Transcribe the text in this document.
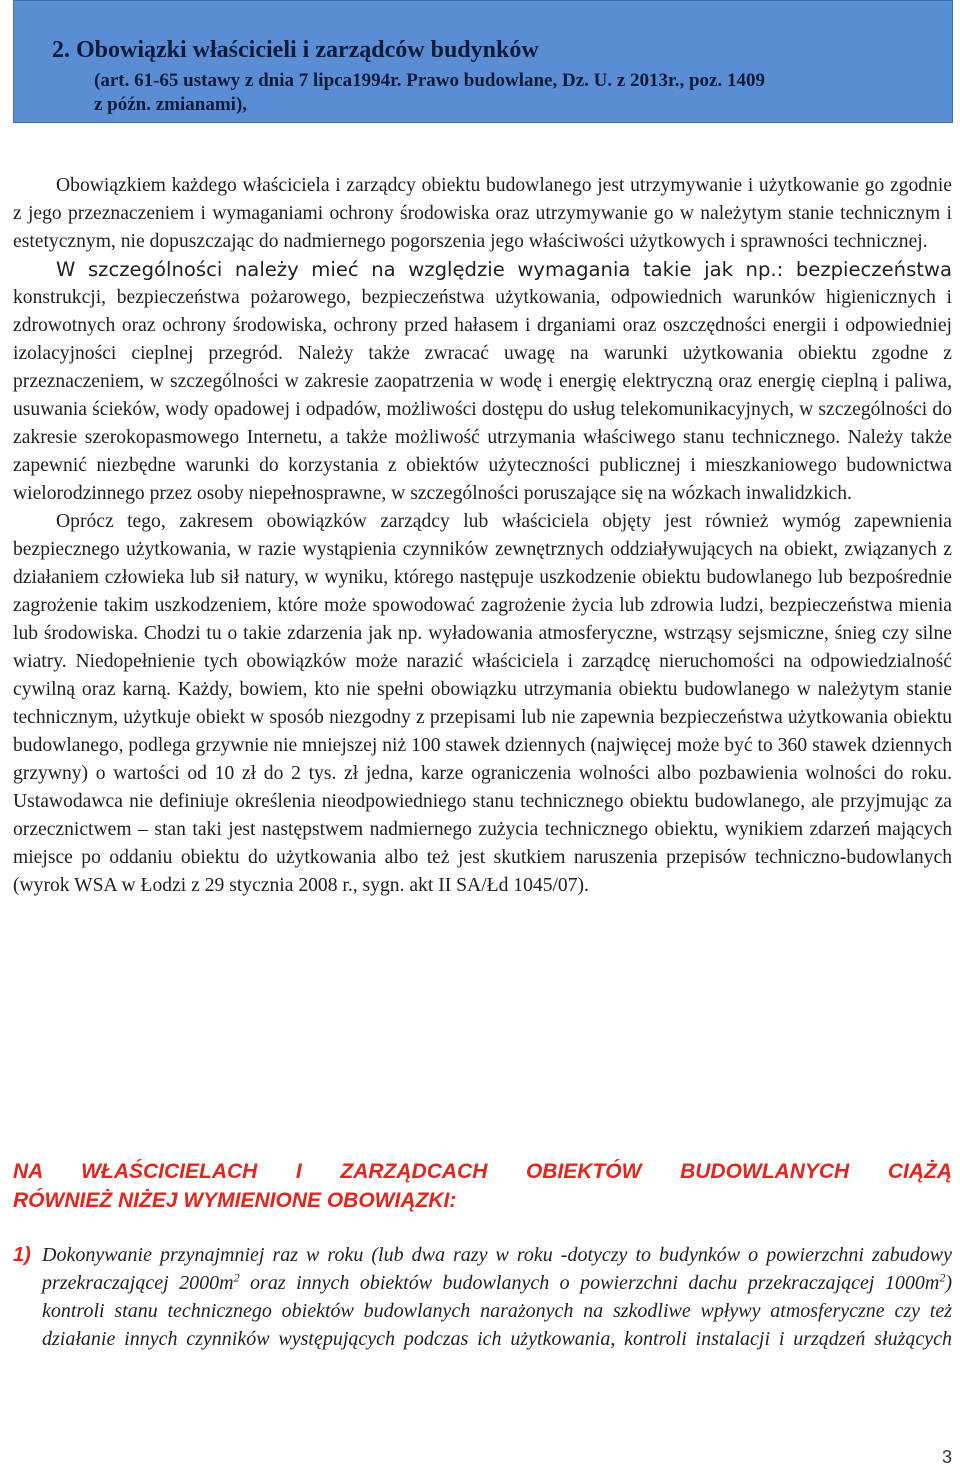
2. Obowiązki właścicieli i zarządców budynków
(art. 61-65 ustawy z dnia 7 lipca1994r. Prawo budowlane, Dz. U. z 2013r., poz. 1409
z późn. zmianami),

Obowiązkiem każdego właściciela i zarządcy obiektu budowlanego jest utrzymywanie i użytkowanie go zgodnie z jego przeznaczeniem i wymaganiami ochrony środowiska oraz utrzymywanie go w należytym stanie technicznym i estetycznym, nie dopuszczając do nadmiernego pogorszenia jego właściwości użytkowych i sprawności technicznej.

W szczególności należy mieć na względzie wymagania takie jak np.: bezpieczeństwa

konstrukcji, bezpieczeństwa pożarowego, bezpieczeństwa użytkowania, odpowiednich warunków higienicznych i zdrowotnych oraz ochrony środowiska, ochrony przed hałasem i drganiami oraz oszczędności energii i odpowiedniej izolacyjności cieplnej przegród. Należy także zwracać uwagę na warunki użytkowania obiektu zgodne z przeznaczeniem, w szczególności w zakresie zaopatrzenia w wodę i energię elektryczną oraz energię cieplną i paliwa, usuwania ścieków, wody opadowej i odpadów, możliwości dostępu do usług telekomunikacyjnych, w szczególności do zakresie szerokopasmowego Internetu, a także możliwość utrzymania właściwego stanu technicznego. Należy także zapewnić niezbędne warunki do korzystania z obiektów użyteczności publicznej i mieszkaniowego budownictwa wielorodzinnego przez osoby niepełnosprawne, w szczególności poruszające się na wózkach inwalidzkich.

Oprócz tego, zakresem obowiązków zarządcy lub właściciela objęty jest również wymóg zapewnienia bezpiecznego użytkowania, w razie wystąpienia czynników zewnętrznych oddziaływujących na obiekt, związanych z działaniem człowieka lub sił natury, w wyniku, którego następuje uszkodzenie obiektu budowlanego lub bezpośrednie zagrożenie takim uszkodzeniem, które może spowodować zagrożenie życia lub zdrowia ludzi, bezpieczeństwa mienia lub środowiska. Chodzi tu o takie zdarzenia jak np. wyładowania atmosferyczne, wstrząsy sejsmiczne, śnieg czy silne wiatry. Niedopełnienie tych obowiązków może narazić właściciela i zarządcę nieruchomości na odpowiedzialność cywilną oraz karną. Każdy, bowiem, kto nie spełni obowiązku utrzymania obiektu budowlanego w należytym stanie technicznym, użytkuje obiekt w sposób niezgodny z przepisami lub nie zapewnia bezpieczeństwa użytkowania obiektu budowlanego, podlega grzywnie nie mniejszej niż 100 stawek dziennych (najwięcej może być to 360 stawek dziennych grzywny) o wartości od 10 zł do 2 tys. zł jedna, karze ograniczenia wolności albo pozbawienia wolności do roku. Ustawodawca nie definiuje określenia nieodpowiedniego stanu technicznego obiektu budowlanego, ale przyjmując za orzecznictwem – stan taki jest następstwem nadmiernego zużycia technicznego obiektu, wynikiem zdarzeń mających miejsce po oddaniu obiektu do użytkowania albo też jest skutkiem naruszenia przepisów techniczno-budowlanych (wyrok WSA w Łodzi z 29 stycznia 2008 r., sygn. akt II SA/Łd 1045/07).

NA WŁAŚCICIELACH I ZARZĄDCACH OBIEKTÓW BUDOWLANYCH CIĄŻĄ
RÓWNIEŻ NIŻEJ WYMIENIONE OBOWIĄZKI:
1) Dokonywanie przynajmniej raz w roku (lub dwa razy w roku -dotyczy to budynków o powierzchni zabudowy przekraczającej $2000m^2$ oraz innych obiektów budowlanych o powierzchni dachu przekraczającej $1000m^2$) kontroli stanu technicznego obiektów budowlanych narażonych na szkodliwe wpływy atmosferyczne czy też działanie innych czynników występujących podczas ich użytkowania, kontroli instalacji i urządzeń służących

3
